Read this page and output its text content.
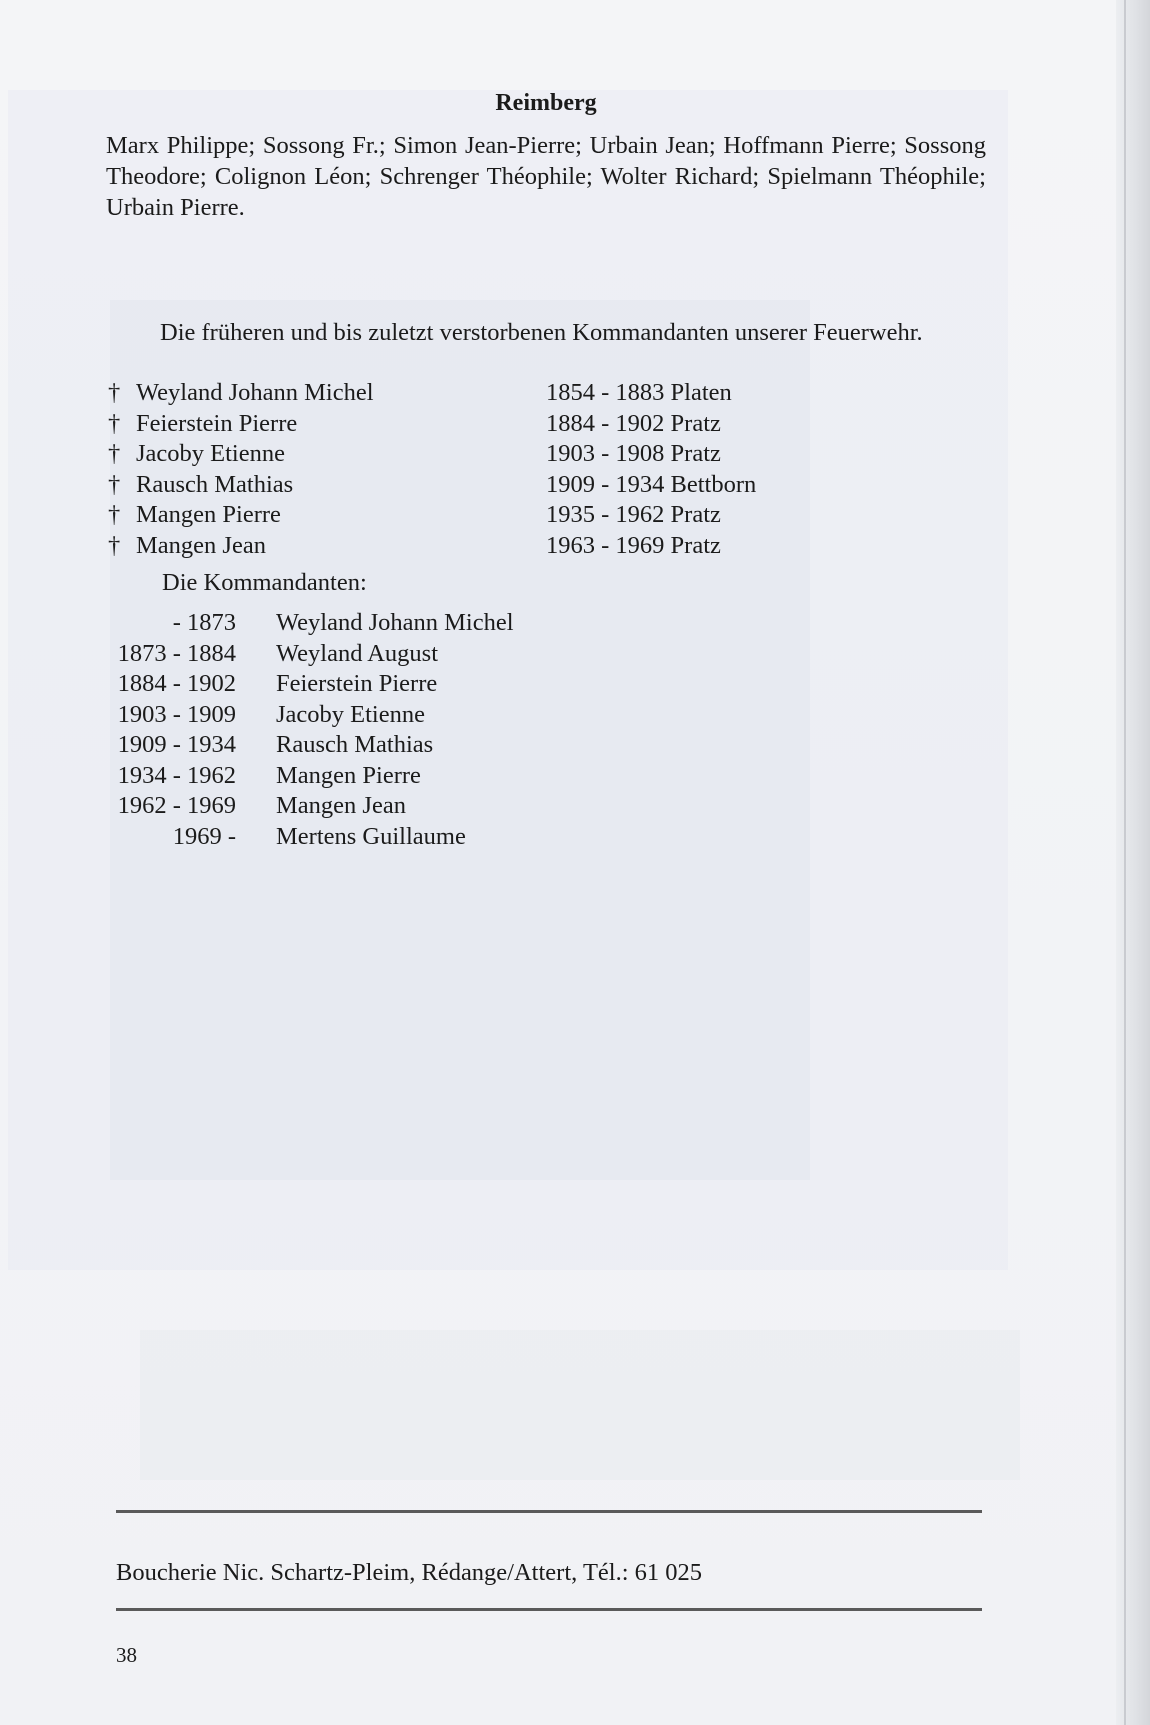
Reimberg

Marx Philippe; Sossong Fr.; Simon Jean-Pierre; Urbain Jean; Hoffmann Pierre; Sossong Theodore; Colignon Léon; Schrenger Théophile; Wolter Richard; Spielmann Théophile; Urbain Pierre.

Die früheren und bis zuletzt verstorbenen Kommandanten unserer Feuerwehr.

† Weyland Johann Michel	1854 - 1883 Platen
† Feierstein Pierre	1884 - 1902 Pratz
† Jacoby Etienne	1903 - 1908 Pratz
† Rausch Mathias	1909 - 1934 Bettborn
† Mangen Pierre	1935 - 1962 Pratz
† Mangen Jean	1963 - 1969 Pratz
Die Kommandanten:
- 1873 Weyland Johann Michel
1873 - 1884 Weyland August
1884 - 1902 Feierstein Pierre
1903 - 1909 Jacoby Etienne
1909 - 1934 Rausch Mathias
1934 - 1962 Mangen Pierre
1962 - 1969 Mangen Jean
1969 - Mertens Guillaume
Boucherie Nic. Schartz-Pleim, Rédange/Attert, Tél.: 61 025
38
